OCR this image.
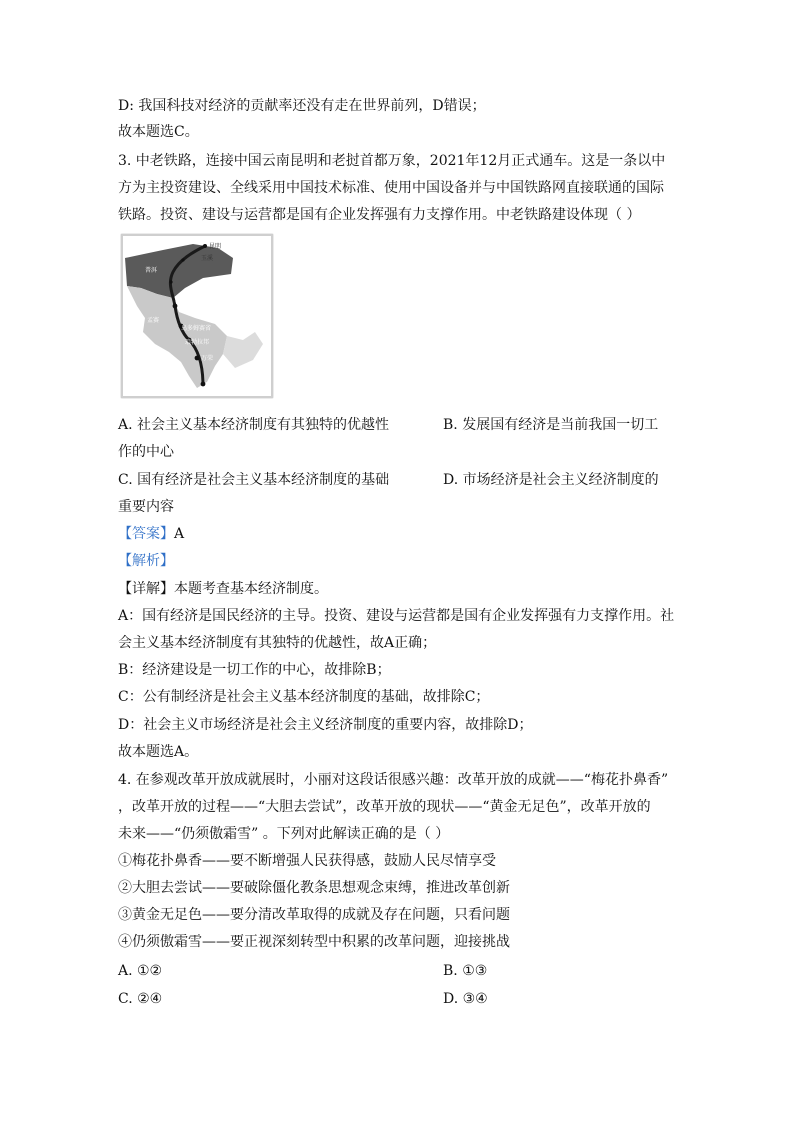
D: 我国科技对经济的贡献率还没有走在世界前列，D错误；
故本题选C。
3. 中老铁路，连接中国云南昆明和老挝首都万象，2021年12月正式通车。这是一条以中
方为主投资建设、全线采用中国技术标准、使用中国设备并与中国铁路网直接联通的国际
铁路。投资、建设与运营都是国有企业发挥强有力支撑作用。中老铁路建设体现（ ）
昆明
玉溪
普洱
磨憨
琅勃拉邦
万荣
万象
磨丁
孟赛
乌多姆赛省
A. 社会主义基本经济制度有其独特的优越性	B. 发展国有经济是当前我国一切工
作的中心
C. 国有经济是社会主义基本经济制度的基础	D. 市场经济是社会主义经济制度的
重要内容
【答案】A
【解析】
【详解】本题考查基本经济制度。
A：国有经济是国民经济的主导。投资、建设与运营都是国有企业发挥强有力支撑作用。社
会主义基本经济制度有其独特的优越性，故A正确；
B：经济建设是一切工作的中心，故排除B；
C：公有制经济是社会主义基本经济制度的基础，故排除C；
D：社会主义市场经济是社会主义经济制度的重要内容，故排除D；
故本题选A。
4. 在参观改革开放成就展时，小丽对这段话很感兴趣：改革开放的成就——“梅花扑鼻香”
，改革开放的过程——“大胆去尝试”，改革开放的现状——“黄金无足色”，改革开放的
未来——“仍须傲霜雪” 。下列对此解读正确的是（ ）
①梅花扑鼻香——要不断增强人民获得感，鼓励人民尽情享受
②大胆去尝试——要破除僵化教条思想观念束缚，推进改革创新
③黄金无足色——要分清改革取得的成就及存在问题，只看问题
④仍须傲霜雪——要正视深刻转型中积累的改革问题，迎接挑战
A. ①②	B. ①③
C. ②④	D. ③④
